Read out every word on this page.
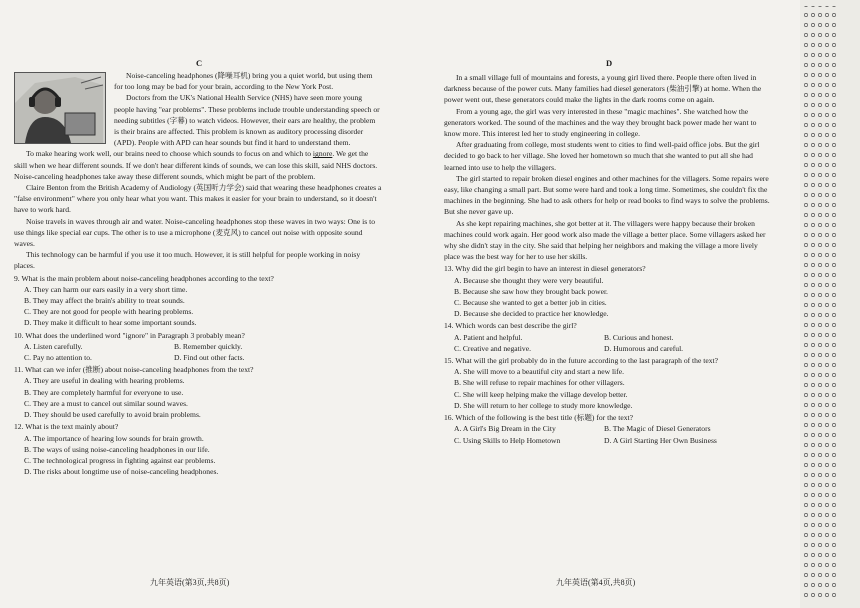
C

Noise-canceling headphones (降噪耳机) bring you a quiet world, but using them for too long may be bad for your brain, according to the New York Post.

Doctors from the UK's National Health Service (NHS) have seen more young people having "ear problems". These problems include trouble understanding speech or needing subtitles (字幕) to watch videos. However, their ears are healthy, the problem is their brains are affected. This problem is known as auditory processing disorder (APD). People with APD can hear sounds but find it hard to understand them.

To make hearing work well, our brains need to choose which sounds to focus on and which to ignore. We get the skill when we hear different sounds. If we don't hear different kinds of sounds, we can lose this skill, said NHS doctors. Noise-canceling headphones take away these different sounds, which might be part of the problem.

Claire Benton from the British Academy of Audiology (英国听力学会) said that wearing these headphones creates a "false environment" where you only hear what you want. This makes it easier for your brain to understand, so it doesn't have to work hard.

Noise travels in waves through air and water. Noise-canceling headphones stop these waves in two ways: One is to use things like special ear cups. The other is to use a microphone (麦克风) to cancel out noise with opposite sound waves.

This technology can be harmful if you use it too much. However, it is still helpful for people working in noisy places.

9. What is the main problem about noise-canceling headphones according to the text?

A. They can harm our ears easily in a very short time.

B. They may affect the brain's ability to treat sounds.

C. They are not good for people with hearing problems.

D. They make it difficult to hear some important sounds.

10. What does the underlined word "ignore" in Paragraph 3 probably mean?

A. Listen carefully.	B. Remember quickly.
C. Pay no attention to.	D. Find out other facts.

11. What can we infer (推断) about noise-canceling headphones from the text?

A. They are useful in dealing with hearing problems.

B. They are completely harmful for everyone to use.

C. They are a must to cancel out similar sound waves.

D. They should be used carefully to avoid brain problems.

12. What is the text mainly about?

A. The importance of hearing low sounds for brain growth.

B. The ways of using noise-canceling headphones in our life.

C. The technological progress in fighting against ear problems.

D. The risks about longtime use of noise-canceling headphones.

九年英语(第3页,共8页)
D

In a small village full of mountains and forests, a young girl lived there. People there often lived in darkness because of the power cuts. Many families had diesel generators (柴油引擎) at home. When the power went out, these generators could make the lights in the dark rooms come on again.

From a young age, the girl was very interested in these "magic machines". She watched how the generators worked. The sound of the machines and the way they brought back power made her want to know more. This interest led her to study engineering in college.

After graduating from college, most students went to cities to find well-paid office jobs. But the girl decided to go back to her village. She loved her hometown so much that she wanted to put all she had learned into use to help the villagers.

The girl started to repair broken diesel engines and other machines for the villagers. Some repairs were easy, like changing a small part. But some were hard and took a long time. Sometimes, she couldn't fix the machines in the beginning. She had to ask others for help or read books to find ways to solve the problems. But she never gave up.

As she kept repairing machines, she got better at it. The villagers were happy because their broken machines could work again. Her good work also made the village a better place. Some villagers asked her why she didn't stay in the city. She said that helping her neighbors and making the village a more lively place was the best way for her to use her skills.

13. Why did the girl begin to have an interest in diesel generators?

A. Because she thought they were very beautiful.

B. Because she saw how they brought back power.

C. Because she wanted to get a better job in cities.

D. Because she decided to practice her knowledge.

14. Which words can best describe the girl?

A. Patient and helpful.	B. Curious and honest.
C. Creative and negative.	D. Humorous and careful.

15. What will the girl probably do in the future according to the last paragraph of the text?

A. She will move to a beautiful city and start a new life.

B. She will refuse to repair machines for other villagers.

C. She will keep helping make the village develop better.

D. She will return to her college to study more knowledge.

16. Which of the following is the best title (标题) for the text?

A. A Girl's Big Dream in the City	B. The Magic of Diesel Generators
C. Using Skills to Help Hometown	D. A Girl Starting Her Own Business
九年英语(第4页,共8页)
